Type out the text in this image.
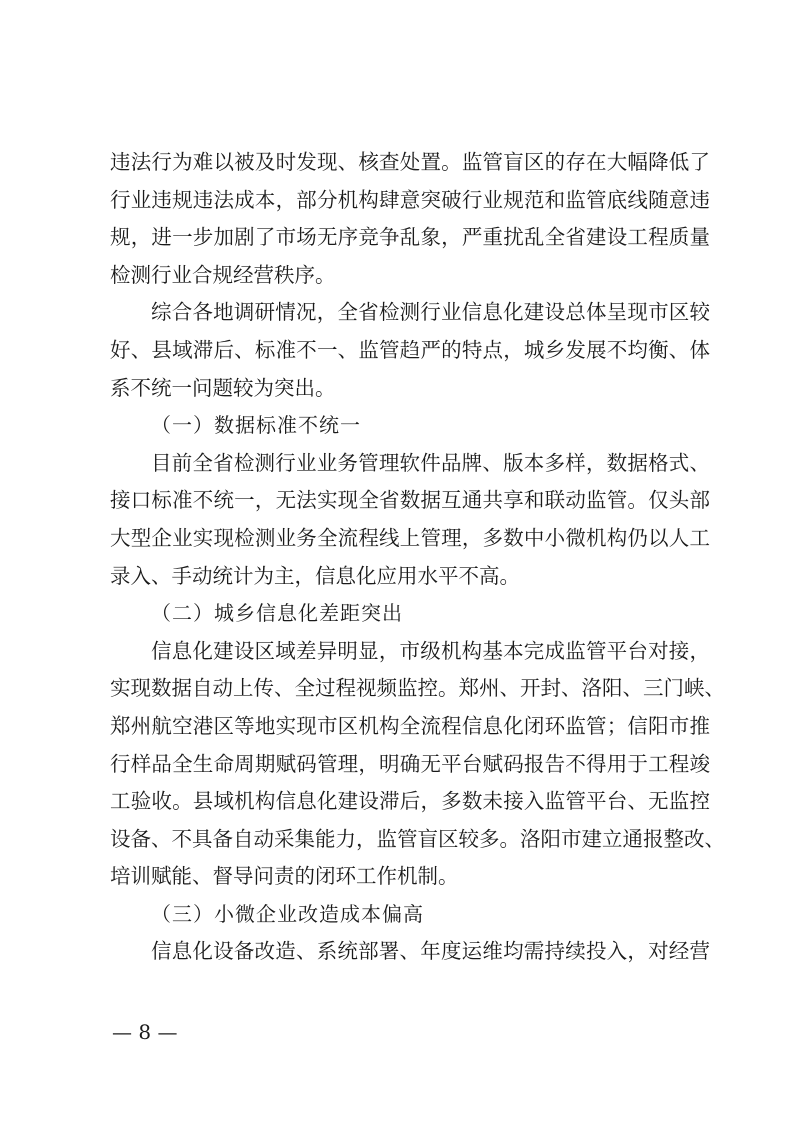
违法行为难以被及时发现、核查处置。监管盲区的存在大幅降低了
行业违规违法成本，部分机构肆意突破行业规范和监管底线随意违
规，进一步加剧了市场无序竞争乱象，严重扰乱全省建设工程质量
检测行业合规经营秩序。
综合各地调研情况，全省检测行业信息化建设总体呈现市区较
好、县域滞后、标准不一、监管趋严的特点，城乡发展不均衡、体
系不统一问题较为突出。
（一）数据标准不统一
目前全省检测行业业务管理软件品牌、版本多样，数据格式、
接口标准不统一，无法实现全省数据互通共享和联动监管。仅头部
大型企业实现检测业务全流程线上管理，多数中小微机构仍以人工
录入、手动统计为主，信息化应用水平不高。
（二）城乡信息化差距突出
信息化建设区域差异明显，市级机构基本完成监管平台对接，
实现数据自动上传、全过程视频监控。郑州、开封、洛阳、三门峡、
郑州航空港区等地实现市区机构全流程信息化闭环监管；信阳市推
行样品全生命周期赋码管理，明确无平台赋码报告不得用于工程竣
工验收。县域机构信息化建设滞后，多数未接入监管平台、无监控
设备、不具备自动采集能力，监管盲区较多。洛阳市建立通报整改、
培训赋能、督导问责的闭环工作机制。
（三）小微企业改造成本偏高
信息化设备改造、系统部署、年度运维均需持续投入，对经营
— 8 —
